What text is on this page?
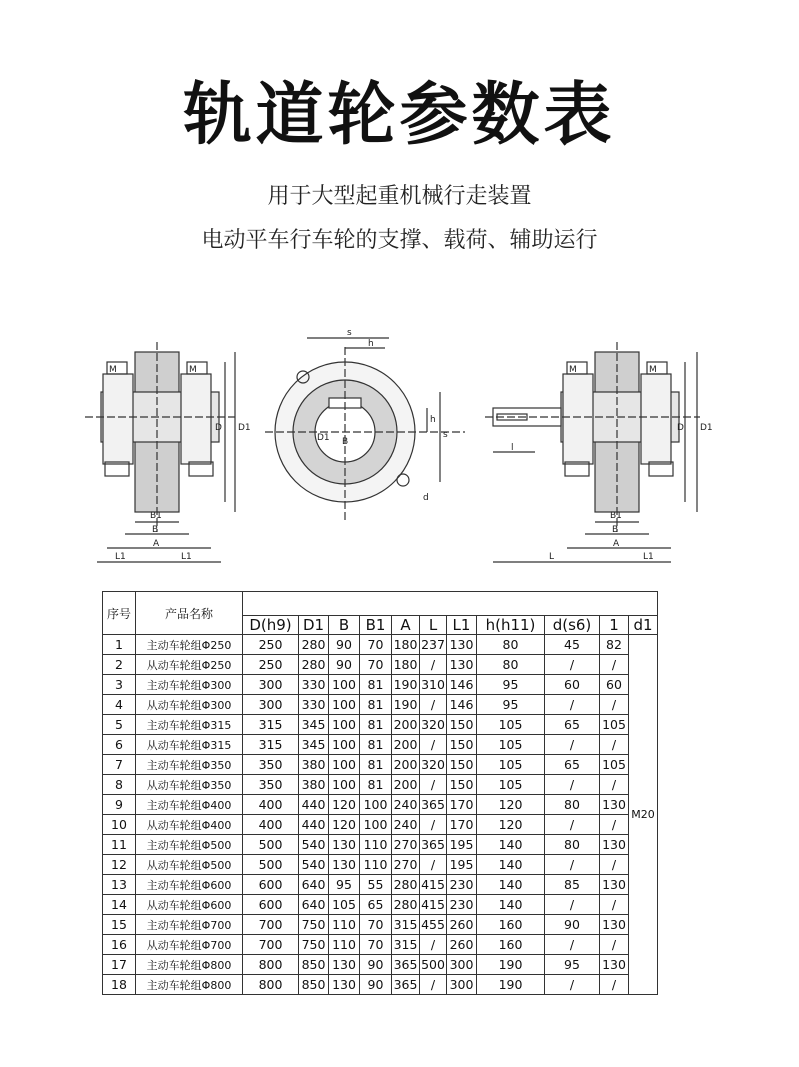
轨道轮参数表
用于大型起重机械行走装置
电动平车行车轮的支撑、载荷、辅助运行
M	M
D D1
B1
B
A
L1	L1
s
h
B
D1
h
s
d
M	M
D D1
B1
B
A
L	L1
l
序号	产品名称											
		D(h9)	D1	B	B1	A	L	L1	h(h11)	d(s6)	1	d1
1	主动车轮组Φ250	250	280	90	70	180	237	130	80	45	82	M20
2	从动车轮组Φ250	250	280	90	70	180	/	130	80	/	/	
3	主动车轮组Φ300	300	330	100	81	190	310	146	95	60	60	
4	从动车轮组Φ300	300	330	100	81	190	/	146	95	/	/	
5	主动车轮组Φ315	315	345	100	81	200	320	150	105	65	105	
6	从动车轮组Φ315	315	345	100	81	200	/	150	105	/	/	
7	主动车轮组Φ350	350	380	100	81	200	320	150	105	65	105	
8	从动车轮组Φ350	350	380	100	81	200	/	150	105	/	/	
9	主动车轮组Φ400	400	440	120	100	240	365	170	120	80	130	
10	从动车轮组Φ400	400	440	120	100	240	/	170	120	/	/	
11	主动车轮组Φ500	500	540	130	110	270	365	195	140	80	130	
12	从动车轮组Φ500	500	540	130	110	270	/	195	140	/	/	
13	主动车轮组Φ600	600	640	95	55	280	415	230	140	85	130	
14	从动车轮组Φ600	600	640	105	65	280	415	230	140	/	/	
15	主动车轮组Φ700	700	750	110	70	315	455	260	160	90	130	
16	从动车轮组Φ700	700	750	110	70	315	/	260	160	/	/	
17	主动车轮组Φ800	800	850	130	90	365	500	300	190	95	130	
18	主动车轮组Φ800	800	850	130	90	365	/	300	190	/	/	
